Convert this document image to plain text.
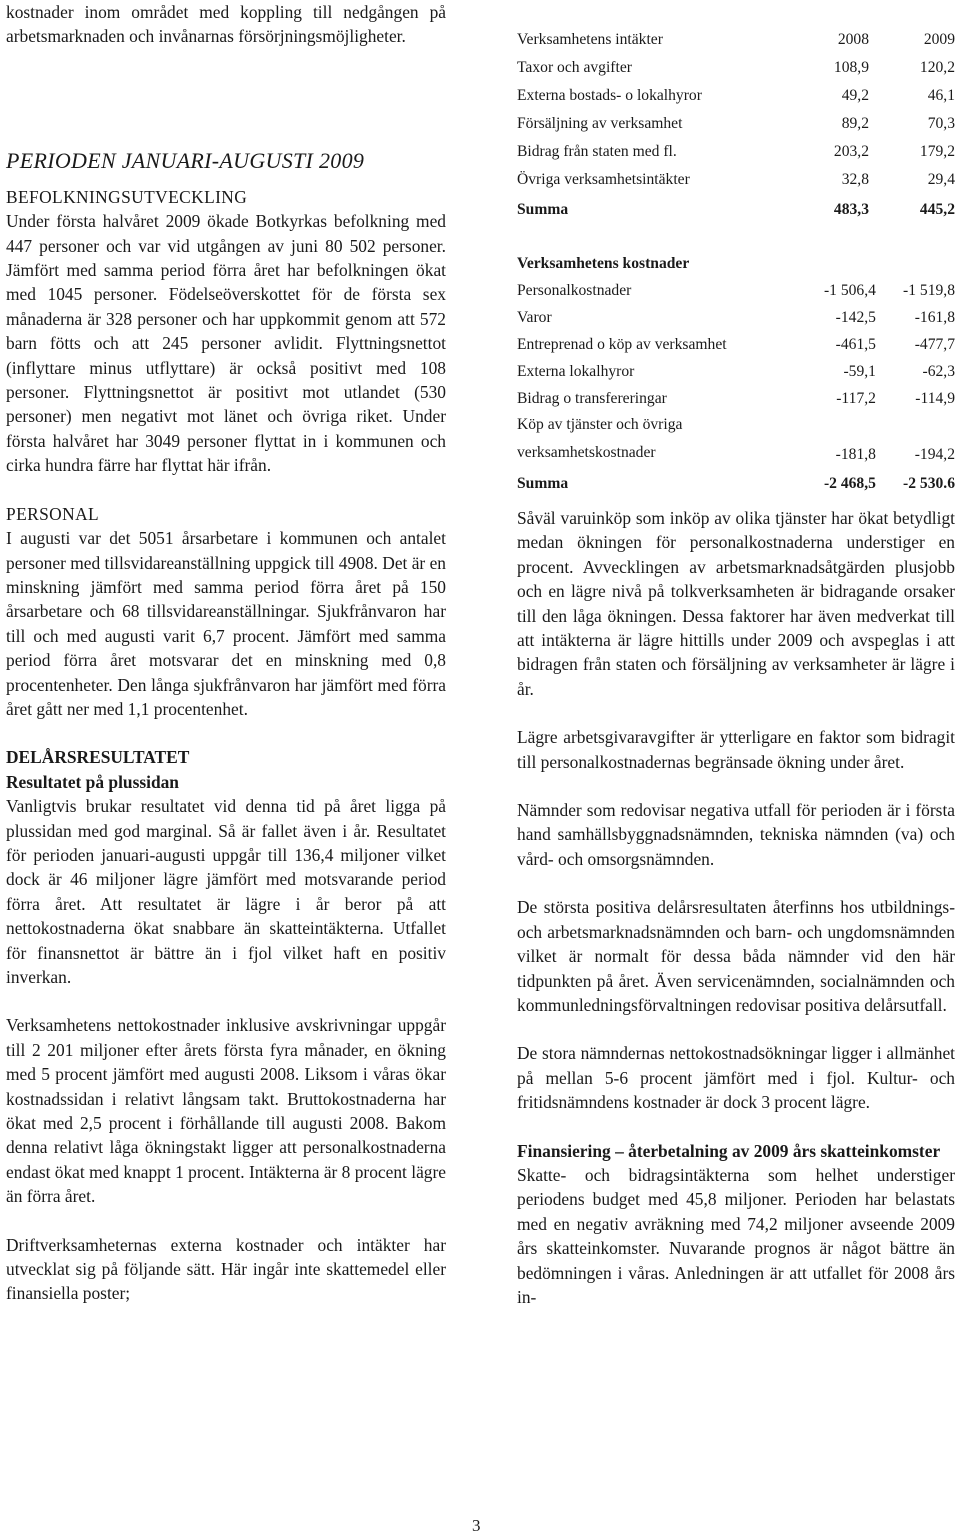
kostnader inom området med koppling till nedgången på arbetsmarknaden och invånarnas försörjningsmöjligheter.

PERIODEN JANUARI-AUGUSTI 2009

BEFOLKNINGSUTVECKLING

Under första halvåret 2009 ökade Botkyrkas befolkning med 447 personer och var vid utgången av juni 80 502 personer. Jämfört med samma period förra året har befolkningen ökat med 1045 personer. Födelseöverskottet för de första sex månaderna är 328 personer och har uppkommit genom att 572 barn fötts och att 245 personer avlidit. Flyttningsnettot (inflyttare minus utflyttare) är också positivt med 108 personer. Flyttningsnettot är positivt mot utlandet (530 personer) men negativt mot länet och övriga riket. Under första halvåret har 3049 personer flyttat in i kommunen och cirka hundra färre har flyttat här ifrån.

PERSONAL

I augusti var det 5051 årsarbetare i kommunen och antalet personer med tillsvidareanställning uppgick till 4908. Det är en minskning jämfört med samma period förra året på 150 årsarbetare och 68 tillsvidareanställningar. Sjukfrånvaron har till och med augusti varit 6,7 procent. Jämfört med samma period förra året motsvarar det en minskning med 0,8 procentenheter. Den långa sjukfrånvaron har jämfört med förra året gått ner med 1,1 procentenhet.

DELÅRSRESULTATET

Resultatet på plussidan

Vanligtvis brukar resultatet vid denna tid på året ligga på plussidan med god marginal. Så är fallet även i år. Resultatet för perioden januari-augusti uppgår till 136,4 miljoner vilket dock är 46 miljoner lägre jämfört med motsvarande period förra året. Att resultatet är lägre i år beror på att nettokostnaderna ökat snabbare än skatteintäkterna. Utfallet för finansnettot är bättre än i fjol vilket haft en positiv inverkan.

Verksamhetens nettokostnader inklusive avskrivningar uppgår till 2 201 miljoner efter årets första fyra månader, en ökning med 5 procent jämfört med augusti 2008. Liksom i våras ökar kostnadssidan i relativt långsam takt. Bruttokostnaderna har ökat med 2,5 procent i förhållande till augusti 2008. Bakom denna relativt låga ökningstakt ligger att personalkostnaderna endast ökat med knappt 1 procent. Intäkterna är 8 procent lägre än förra året.

Driftverksamheternas externa kostnader och intäkter har utvecklat sig på följande sätt. Här ingår inte skattemedel eller finansiella poster;

Verksamhetens intäkter	2008	2009
Taxor och avgifter	108,9	120,2
Externa bostads- o lokalhyror	49,2	46,1
Försäljning av verksamhet	89,2	70,3
Bidrag från staten med fl.	203,2	179,2
Övriga verksamhetsintäkter	32,8	29,4
Summa	483,3	445,2
Verksamhetens kostnader		
Personalkostnader	-1 506,4	-1 519,8
Varor	-142,5	-161,8
Entreprenad o köp av verksamhet	-461,5	-477,7
Externa lokalhyror	-59,1	-62,3
Bidrag o transfereringar	-117,2	-114,9
Köp av tjänster och övriga verksamhetskostnader	-181,8	-194,2
Summa	-2 468,5	-2 530.6

Såväl varuinköp som inköp av olika tjänster har ökat betydligt medan ökningen för personalkostnaderna understiger en procent. Avvecklingen av arbetsmarknadsåtgärden plusjobb och en lägre nivå på tolkverksamheten är bidragande orsaker till den låga ökningen. Dessa faktorer har även medverkat till att intäkterna är lägre hittills under 2009 och avspeglas i att bidragen från staten och försäljning av verksamheter är lägre i år.

Lägre arbetsgivaravgifter är ytterligare en faktor som bidragit till personalkostnadernas begränsade ökning under året.

Nämnder som redovisar negativa utfall för perioden är i första hand samhällsbyggnadsnämnden, tekniska nämnden (va) och vård- och omsorgsnämnden.

De största positiva delårsresultaten återfinns hos utbildnings- och arbetsmarknadsnämnden och barn- och ungdomsnämnden vilket är normalt för dessa båda nämnder vid den här tidpunkten på året. Även servicenämnden, socialnämnden och kommunledningsförvaltningen redovisar positiva delårsutfall.

De stora nämndernas nettokostnadsökningar ligger i allmänhet på mellan 5-6 procent jämfört med i fjol. Kultur- och fritidsnämndens kostnader är dock 3 procent lägre.

Finansiering – återbetalning av 2009 års skatteinkomster

Skatte- och bidragsintäkterna som helhet understiger periodens budget med 45,8 miljoner. Perioden har belastats med en negativ avräkning med 74,2 miljoner avseende 2009 års skatteinkomster. Nuvarande prognos är något bättre än bedömningen i våras. Anledningen är att utfallet för 2008 års in-

3
